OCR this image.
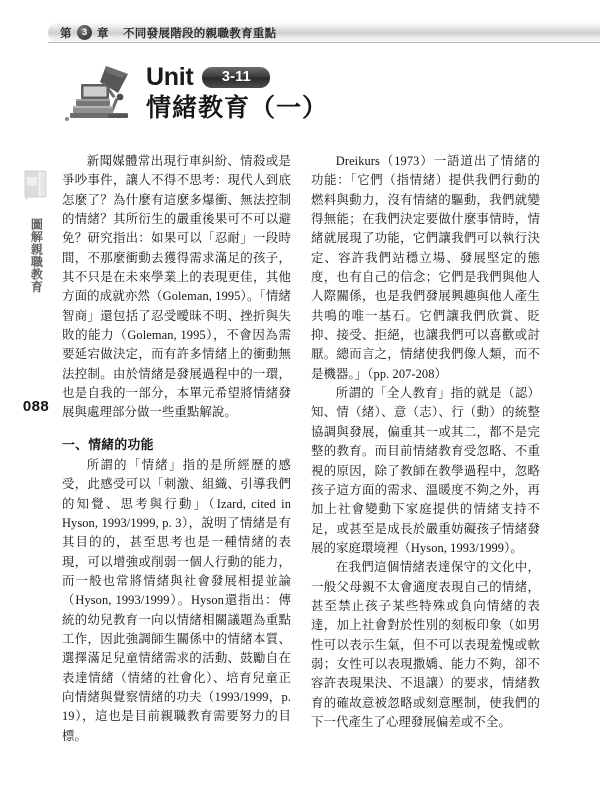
第	3 章 不同發展階段的親職教育重點
Unit	3-11
情緒教育（一）
圖解親職教育
088

新聞媒體常出現行車糾紛、情殺或是爭吵事件，讓人不得不思考：現代人到底怎麼了？為什麼有這麼多爆衝、無法控制的情緒？其所衍生的嚴重後果可不可以避免？研究指出：如果可以「忍耐」一段時間，不那麼衝動去獲得需求滿足的孩子，其不只是在未來學業上的表現更佳，其他方面的成就亦然（Goleman, 1995）。「情緒智商」還包括了忍受曖昧不明、挫折與失敗的能力（Goleman, 1995），不會因為需要延宕做決定，而有許多情緒上的衝動無法控制。由於情緒是發展過程中的一環，也是自我的一部分，本單元希望將情緒發展與處理部分做一些重點解說。

一、情緒的功能

所謂的「情緒」指的是所經歷的感受，此感受可以「刺激、組織、引導我們的知覺、思考與行動」（Izard, cited in Hyson, 1993/1999, p. 3），說明了情緒是有其目的的，甚至思考也是一種情緒的表現，可以增強或削弱一個人行動的能力，而一般也常將情緒與社會發展相提並論（Hyson, 1993/1999）。Hyson還指出：傳統的幼兒教育一向以情緒相關議題為重點工作，因此強調師生關係中的情緒本質、選擇滿足兒童情緒需求的活動、鼓勵自在表達情緒（情緒的社會化）、培育兒童正向情緒與覺察情緒的功夫（1993/1999，p. 19），這也是目前親職教育需要努力的目標。

Dreikurs（1973）一語道出了情緒的功能：「它們（指情緒）提供我們行動的燃料與動力，沒有情緒的驅動，我們就變得無能；在我們決定要做什麼事情時，情緒就展現了功能，它們讓我們可以執行決定、容許我們站穩立場、發展堅定的態度，也有自己的信念；它們是我們與他人人際關係，也是我們發展興趣與他人產生共鳴的唯一基石。它們讓我們欣賞、貶抑、接受、拒絕，也讓我們可以喜歡或討厭。總而言之，情緒使我們像人類，而不是機器。」（pp. 207-208）

所謂的「全人教育」指的就是（認）知、情（緒）、意（志）、行（動）的統整協調與發展，偏重其一或其二，都不是完整的教育。而目前情緒教育受忽略、不重視的原因，除了教師在教學過程中，忽略孩子這方面的需求、溫暖度不夠之外，再加上社會變動下家庭提供的情緒支持不足，或甚至是成長於嚴重妨礙孩子情緒發展的家庭環境裡（Hyson, 1993/1999）。

在我們這個情緒表達保守的文化中，一般父母親不太會適度表現自己的情緒，甚至禁止孩子某些特殊或負向情緒的表達，加上社會對於性別的刻板印象（如男性可以表示生氣，但不可以表現羞愧或軟弱；女性可以表現撒嬌、能力不夠，卻不容許表現果決、不退讓）的要求，情緒教育的確故意被忽略或刻意壓制，使我們的下一代產生了心理發展偏差或不全。
